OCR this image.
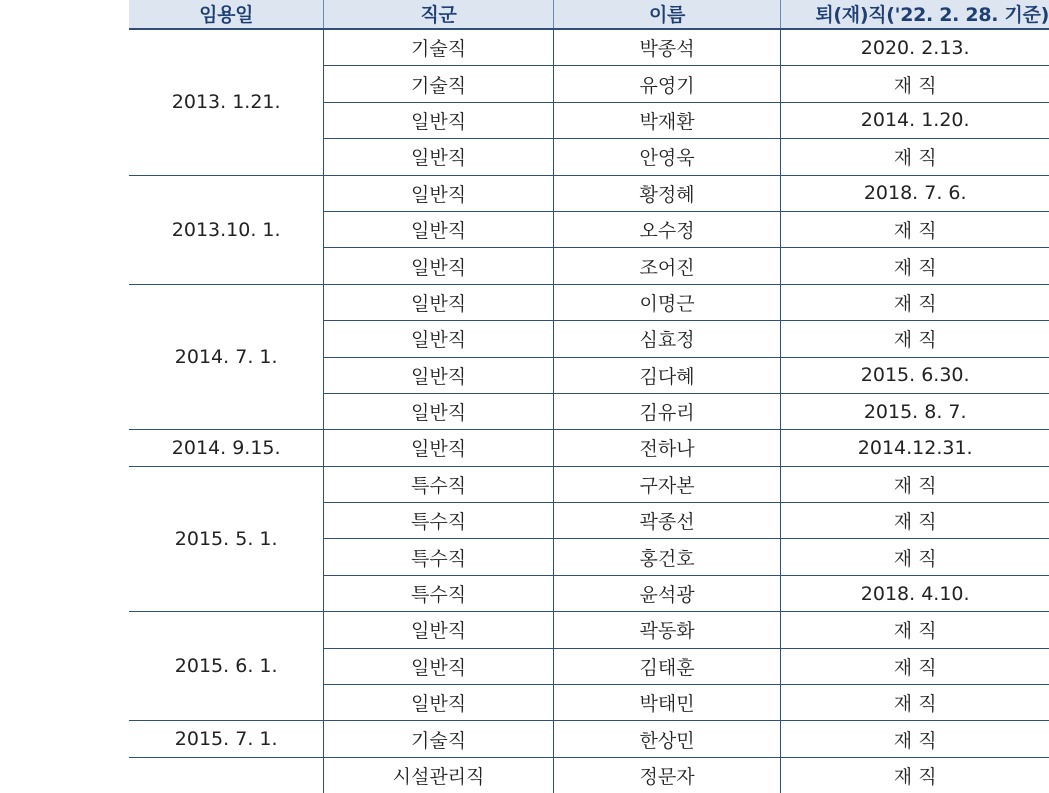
임용일	직군	이름	퇴(재)직('22. 2. 28. 기준)
2013. 1.21.	기술직	박종석	2020. 2.13.
	기술직	유영기	재 직
	일반직	박재환	2014. 1.20.
	일반직	안영욱	재 직
2013.10. 1.	일반직	황정혜	2018. 7. 6.
	일반직	오수정	재 직
	일반직	조어진	재 직
2014. 7. 1.	일반직	이명근	재 직
	일반직	심효정	재 직
	일반직	김다혜	2015. 6.30.
	일반직	김유리	2015. 8. 7.
2014. 9.15.	일반직	전하나	2014.12.31.
2015. 5. 1.	특수직	구자본	재 직
	특수직	곽종선	재 직
	특수직	홍건호	재 직
	특수직	윤석광	2018. 4.10.
2015. 6. 1.	일반직	곽동화	재 직
	일반직	김태훈	재 직
	일반직	박태민	재 직
2015. 7. 1.	기술직	한상민	재 직
	시설관리직	정문자	재 직
